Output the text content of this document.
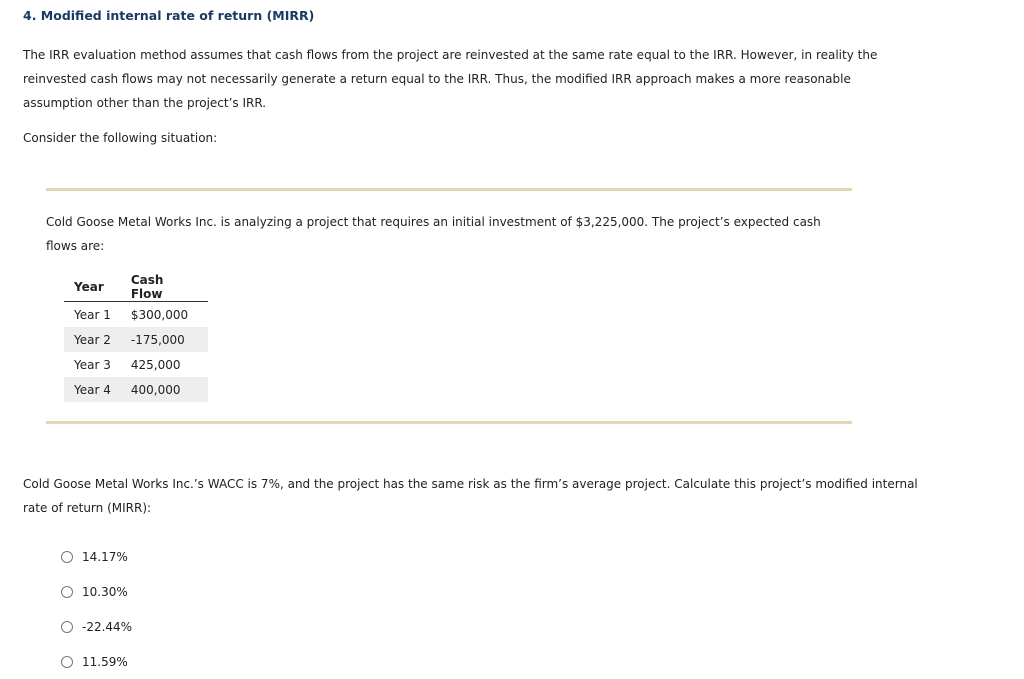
4. Modified internal rate of return (MIRR)
The IRR evaluation method assumes that cash flows from the project are reinvested at the same rate equal to the IRR. However, in reality the reinvested cash flows may not necessarily generate a return equal to the IRR. Thus, the modified IRR approach makes a more reasonable assumption other than the project’s IRR.
Consider the following situation:
Cold Goose Metal Works Inc. is analyzing a project that requires an initial investment of $3,225,000. The project’s expected cash flows are:
Year	Cash Flow
Year 1	$300,000
Year 2	-175,000
Year 3	425,000
Year 4	400,000
Cold Goose Metal Works Inc.’s WACC is 7%, and the project has the same risk as the firm’s average project. Calculate this project’s modified internal rate of return (MIRR):
14.17%
10.30%
-22.44%
11.59%
